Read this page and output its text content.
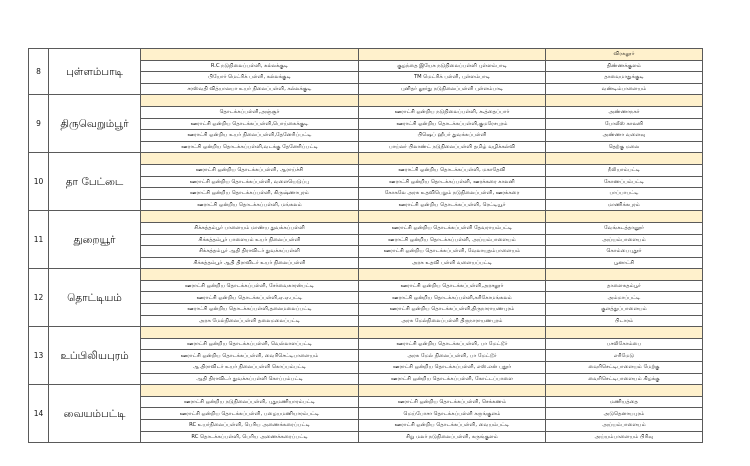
8	புள்ளம்பாடி			விரகலூர்
		R.C நடுநிலைப்பள்ளி, கல்லக்குடி	குழந்தை இயேசு நடுநிலைப்பள்ளி புள்ளம்பாடி	திண்ணக்குளம்
		பியோர் மெட்ரிக் பள்ளி, கல்லக்குடி	TM மெட்ரிக் பள்ளி, புள்ளம்பாடி	தாவைமாதுக்குடி
		சரஸ்வதி வித்யாலயா உயர் நிலைப்பள்ளி, கல்லக்குடி	புனிதர் லூர்து நடுநிலைப்பள்ளி புள்ளம்பாடி	வண்டிம்பாளையம்
9	திருவெறும்பூர்			
		தொடக்கப்பள்ளி,அஞ்சூர்	ஊராட்சி ஒன்றிய நடுநிலைப்பள்ளி, கூத்தைப்பார்	அண்ணாநகர்
		ஊராட்சி ஒன்றிய தொடக்கப்பள்ளி,பொய்கைக்குடி	ஊராட்சி ஒன்றிய தொடக்கப்பள்ளி,குமரேசபுரம்	போலீஸ் காலனி
		ஊராட்சி ஒன்றிய உயர் நிலைப்பள்ளி,தேனேரிப்பட்டி	பிஷெப் ஹீபர் துவக்கப்பள்ளி	அண்ணா வளைவு
		ஊராட்சி ஒன்றிய தொடக்கப்பள்ளி,வடக்கு தேனேரிப்பட்டி	பாய்லர் பிலாண்ட் நடுநிலைப்பள்ளி தமிழ் வழிக்கல்வி	தெற்கு மலை
10	தா பேட்டை			
		ஊராட்சி ஒன்றிய தொடக்கப்பள்ளி, ஆராய்ச்சி	ஊராட்சி ஒன்றிய தொடக்கப்பள்ளி, மகாதேவி	நீலியாம்பட்டி
		ஊராட்சி ஒன்றிய தொடக்கப்பள்ளி, வளையெடுப்பு	ஊராட்சி ஒன்றிய தொடக்கப்பள்ளி, ஊரக்கரை காலனி	கோணப்பம்பட்டி
		ஊராட்சி ஒன்றிய தொடக்கப்பள்ளி, கிருஷ்ணாபுரம்	கோகலே அரசு உதவிபெறும் நடுநிலைப்பள்ளி, ஊரக்கரை	பாப்பாபட்டி
		ஊராட்சி ஒன்றிய தொடக்கப்பள்ளி, மங்கலம்	ஊராட்சி ஒன்றிய தொடக்கப்பள்ளி, ரெட்டியூர்	மாணிக்கபுரம்
11	துறையூர்			
		சிக்கத்தம்பூர் பாளையம் மாண்ய துவக்கப்பள்ளி	ஊராட்சி ஒன்றிய தொடக்கப்பள்ளி தேவராயம்பட்டி	வேங்கடத்தானூர்
		சிக்கத்தம்பூர் பாளையம் உயர் நிலைப்பள்ளி	ஊராட்சி ஒன்றிய தொடக்கப்பள்ளி, அய்யம்பாளையம்	அய்யம்பாளையம்
		சிக்கத்தம்பூர் ஆதி திராவிடர் துவக்கப்பள்ளி	ஊராட்சி ஒன்றிய தொடக்கப்பள்ளி, வேலாயுதம்பாளையம்	கொம்பைபுதூர்
		சிக்கத்தம்பூர் ஆதி திராவிடர் உயர் நிலைப்பள்ளி	அரசு உதவி பள்ளி வளையப்பட்டி	பூனாட்சி
12	தொட்டியம்			
		ஊராட்சி ஒன்றிய தொடக்கப்பள்ளி, சேர்வைகாரன்பட்டி	ஊராட்சி ஒன்றிய தொடக்கப்பள்ளி,அரசலூர்	தாளைசுதம்பூர்
		ஊராட்சி ஒன்றிய தொடக்கப்பள்ளி,ஏ.ஏ.பட்டி	ஊராட்சி ஒன்றிய தொடக்கப்பள்ளி,கரிகோமங்கலம்	அம்மாப்பட்டி
		ஊராட்சி ஒன்றிய தொடக்கப்பள்ளி,தலைமலைப்பட்டி	ஊராட்சி ஒன்றிய தொடக்கப்பள்ளி,திருநாராயணபுரம்	குளத்துப்பாளையம்
		அரசு மேல்நிலைப்பள்ளி தலைமலைப்பட்டி	அரசு மேல்நிலைப்பள்ளி திருநாராயணபுரம்	பிடாரம்
13	உப்பிலியபுரம்			
		ஊராட்சி ஒன்றிய தொடக்கப்பள்ளி, வெல்லாளப்பட்டி	ஊராட்சி ஒன்றிய தொடக்கப்பள்ளி, பா மேட்டூர்	பசலிகோம்பை
		ஊராட்சி ஒன்றிய தொடக்கப்பள்ளி, வைரிசெட்டிபாளையம்	அரசு மேல் நிலைப்பள்ளி, பா மேட்டூர்	எரிமேடு
		ஆ.திராவிடர் உயர் நிலைப்பள்ளி கொப்பம்பட்டி	ஊராட்சி ஒன்றிய தொடக்கப்பள்ளி, எஸ்.என் புதூர்	வைரிசெட்டிபாளையம் மேற்கு
		ஆதி திராவிடர் துவக்கப்பள்ளி கொப்பம்பட்டி	ஊராட்சி ஒன்றிய தொடக்கப்பள்ளி, கோட்டப்பாளை	வைரிசெட்டிபாளையம் கிழக்கு
14	வையம்பட்டி			
		ஊராட்சி ஒன்றிய நடுநிலைப்பள்ளி, புதுமணியாரம்பட்டி	ஊராட்சி ஒன்றிய தொடக்கப்பள்ளி, செக்கணம்	மணியத்தை
		ஊராட்சி ஒன்றிய தொடக்கப்பள்ளி, பழையமணியாரம்பட்டி	மெய்போசா தொடக்கப்பள்ளி கருங்குளம்	அடுதெனாயபுரம்
		RC உயர்நிலைப்பள்ளி, பெரிய அணைக்கரைப்பட்டி	ஊராட்சி ஒன்றிய தொடக்கப்பள்ளி, வையம்பட்டி	அய்யம்பாளையம்
		RC தொடக்கப்பள்ளி, பெரிய அணைக்கரைப்பட்டி	சிறு மலர் நடுநிலைப்பள்ளி, கருங்குளம்	அய்யம்பாளையம் பிரிவு
